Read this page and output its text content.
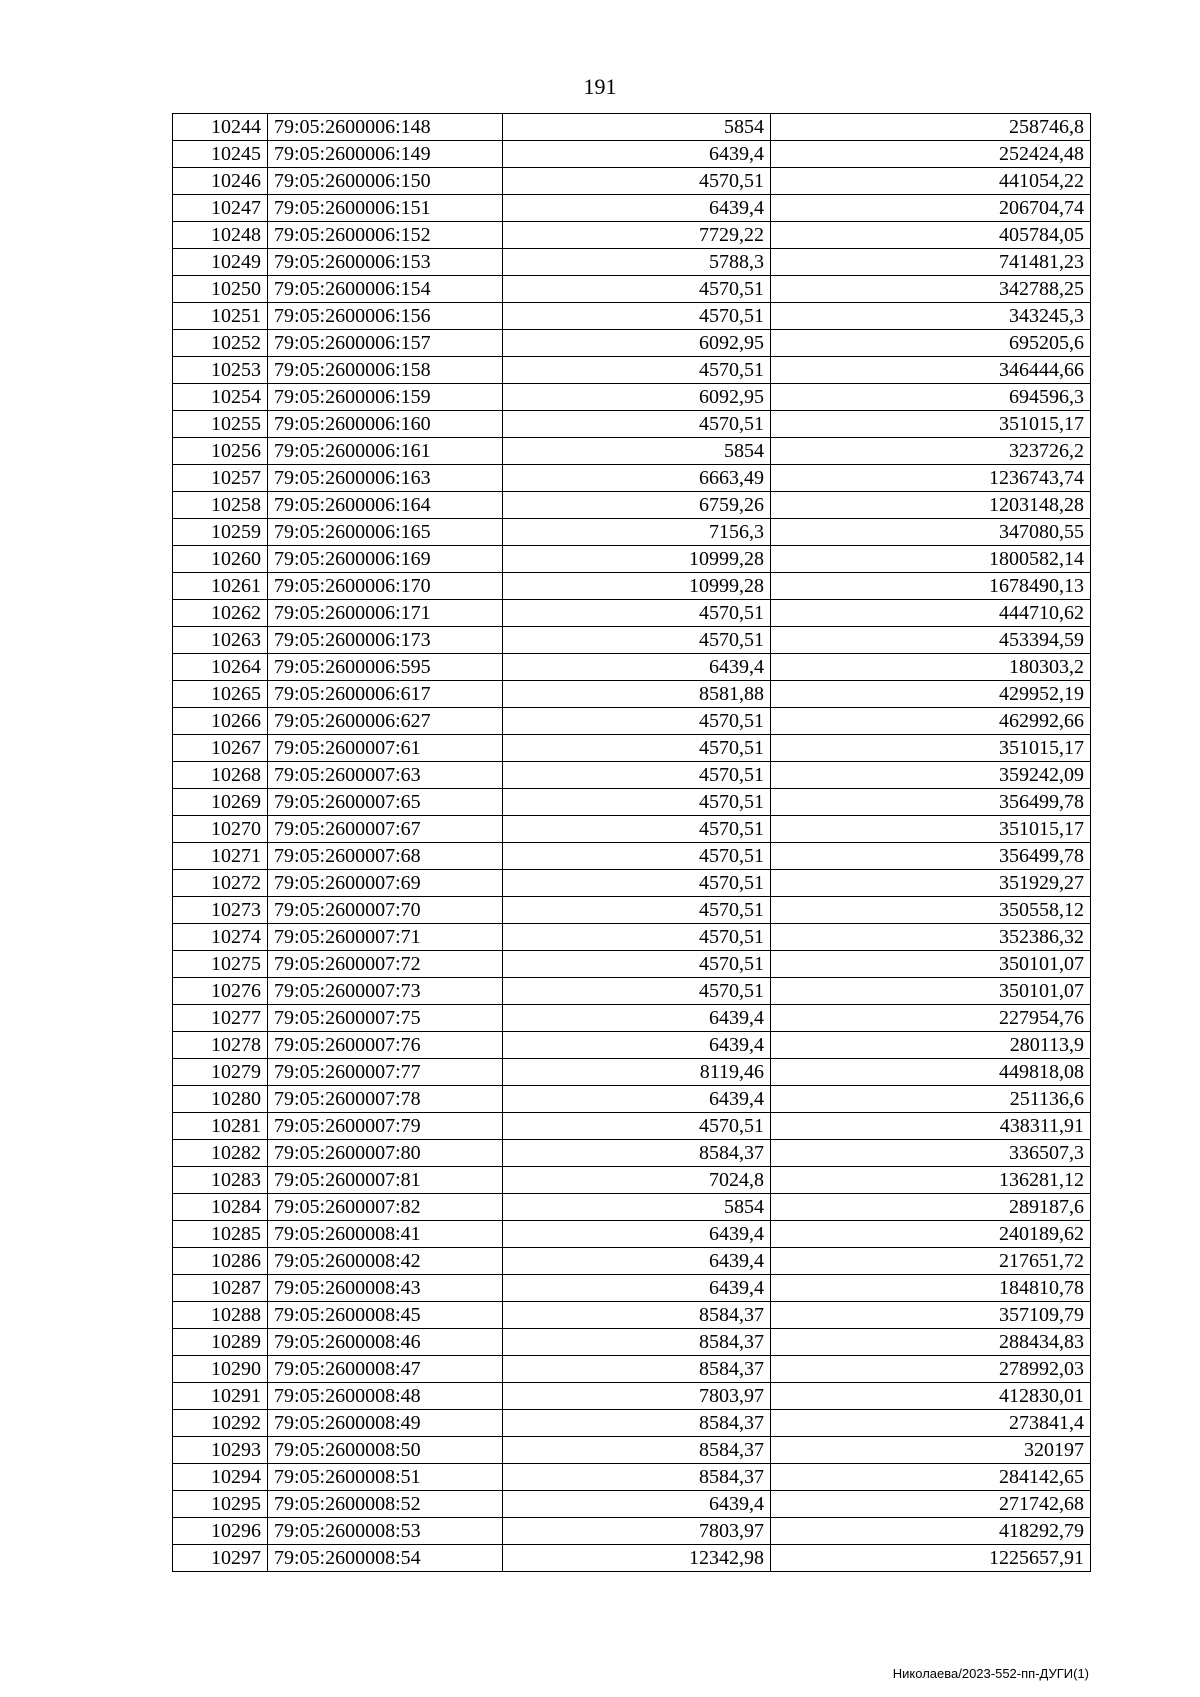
191
10244	79:05:2600006:148	5854	258746,8
10245	79:05:2600006:149	6439,4	252424,48
10246	79:05:2600006:150	4570,51	441054,22
10247	79:05:2600006:151	6439,4	206704,74
10248	79:05:2600006:152	7729,22	405784,05
10249	79:05:2600006:153	5788,3	741481,23
10250	79:05:2600006:154	4570,51	342788,25
10251	79:05:2600006:156	4570,51	343245,3
10252	79:05:2600006:157	6092,95	695205,6
10253	79:05:2600006:158	4570,51	346444,66
10254	79:05:2600006:159	6092,95	694596,3
10255	79:05:2600006:160	4570,51	351015,17
10256	79:05:2600006:161	5854	323726,2
10257	79:05:2600006:163	6663,49	1236743,74
10258	79:05:2600006:164	6759,26	1203148,28
10259	79:05:2600006:165	7156,3	347080,55
10260	79:05:2600006:169	10999,28	1800582,14
10261	79:05:2600006:170	10999,28	1678490,13
10262	79:05:2600006:171	4570,51	444710,62
10263	79:05:2600006:173	4570,51	453394,59
10264	79:05:2600006:595	6439,4	180303,2
10265	79:05:2600006:617	8581,88	429952,19
10266	79:05:2600006:627	4570,51	462992,66
10267	79:05:2600007:61	4570,51	351015,17
10268	79:05:2600007:63	4570,51	359242,09
10269	79:05:2600007:65	4570,51	356499,78
10270	79:05:2600007:67	4570,51	351015,17
10271	79:05:2600007:68	4570,51	356499,78
10272	79:05:2600007:69	4570,51	351929,27
10273	79:05:2600007:70	4570,51	350558,12
10274	79:05:2600007:71	4570,51	352386,32
10275	79:05:2600007:72	4570,51	350101,07
10276	79:05:2600007:73	4570,51	350101,07
10277	79:05:2600007:75	6439,4	227954,76
10278	79:05:2600007:76	6439,4	280113,9
10279	79:05:2600007:77	8119,46	449818,08
10280	79:05:2600007:78	6439,4	251136,6
10281	79:05:2600007:79	4570,51	438311,91
10282	79:05:2600007:80	8584,37	336507,3
10283	79:05:2600007:81	7024,8	136281,12
10284	79:05:2600007:82	5854	289187,6
10285	79:05:2600008:41	6439,4	240189,62
10286	79:05:2600008:42	6439,4	217651,72
10287	79:05:2600008:43	6439,4	184810,78
10288	79:05:2600008:45	8584,37	357109,79
10289	79:05:2600008:46	8584,37	288434,83
10290	79:05:2600008:47	8584,37	278992,03
10291	79:05:2600008:48	7803,97	412830,01
10292	79:05:2600008:49	8584,37	273841,4
10293	79:05:2600008:50	8584,37	320197
10294	79:05:2600008:51	8584,37	284142,65
10295	79:05:2600008:52	6439,4	271742,68
10296	79:05:2600008:53	7803,97	418292,79
10297	79:05:2600008:54	12342,98	1225657,91
Николаева/2023-552-пп-ДУГИ(1)
